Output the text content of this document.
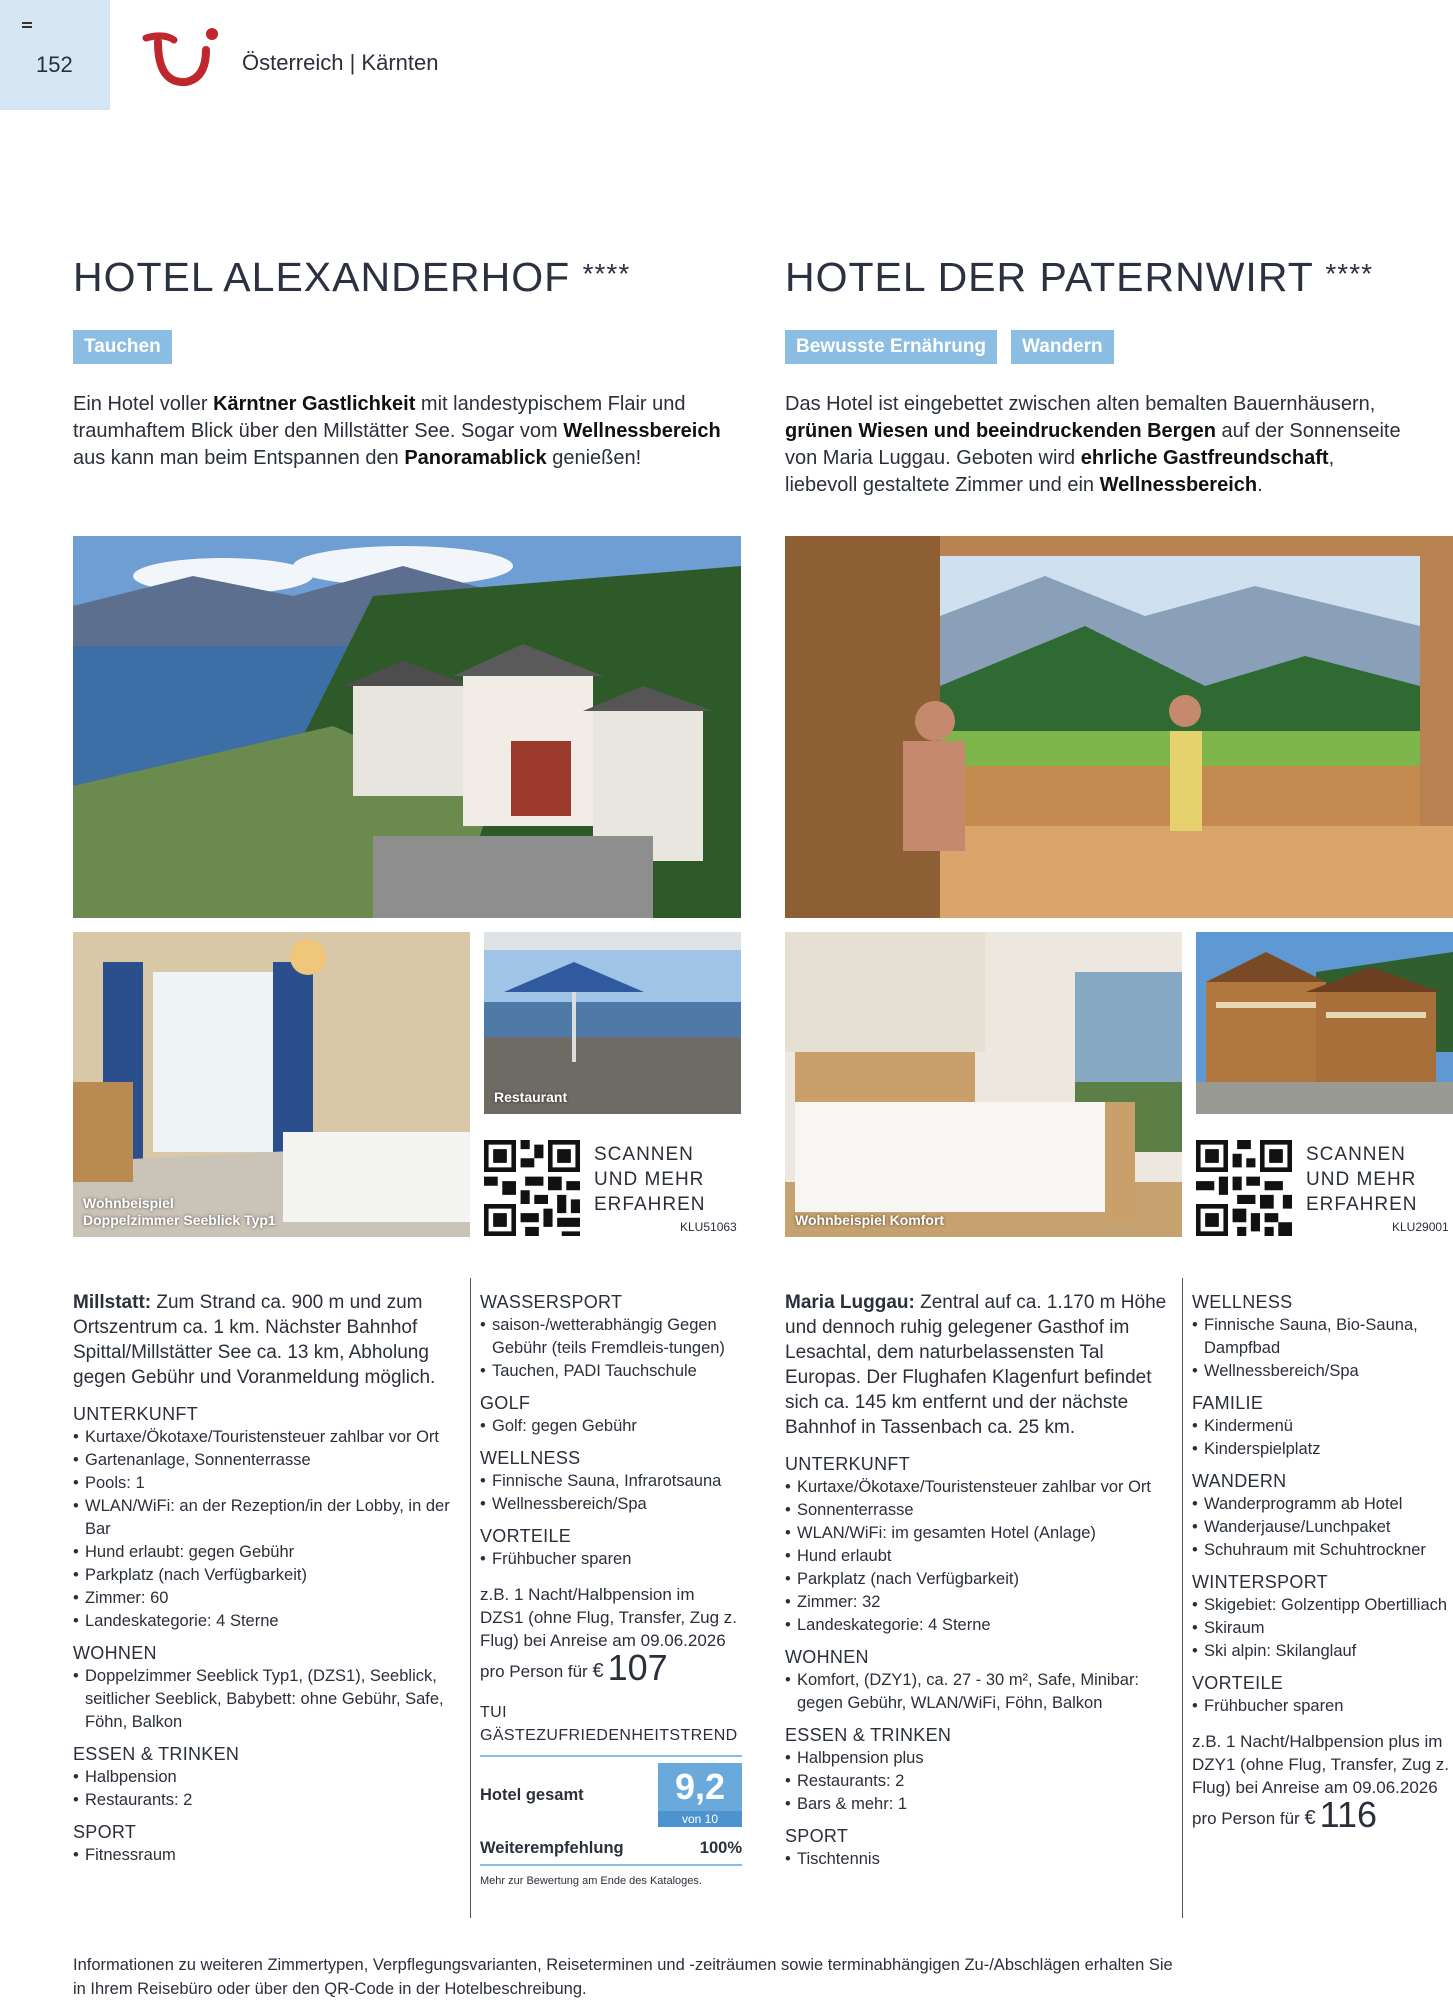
152	Österreich | Kärnten
HOTEL ALEXANDERHOF ****
Tauchen
Ein Hotel voller Kärntner Gastlichkeit mit landestypischem Flair und traumhaftem Blick über den Millstätter See. Sogar vom Wellnessbereich aus kann man beim Entspannen den Panoramablick genießen!
HOTEL DER PATERNWIRT ****
Bewusste Ernährung	Wandern
Das Hotel ist eingebettet zwischen alten bemalten Bauernhäusern, grünen Wiesen und beeindruckenden Bergen auf der Sonnenseite von Maria Luggau. Geboten wird ehrliche Gastfreundschaft, liebevoll gestaltete Zimmer und ein Wellnessbereich.
Wohnbeispiel
Doppelzimmer Seeblick Typ1
Restaurant
SCANNEN
UND MEHR
ERFAHREN
KLU51063	Wohnbeispiel Komfort
SCANNEN
UND MEHR
ERFAHREN
KLU29001
Millstatt: Zum Strand ca. 900 m und zum Ortszentrum ca. 1 km. Nächster Bahnhof Spittal/Millstätter See ca. 13 km, Abholung gegen Gebühr und Voranmeldung möglich.
UNTERKUNFT
• Kurtaxe/Ökotaxe/Touristensteuer zahlbar vor Ort
• Gartenanlage, Sonnenterrasse
• Pools: 1
• WLAN/WiFi: an der Rezeption/in der Lobby, in der Bar
• Hund erlaubt: gegen Gebühr
• Parkplatz (nach Verfügbarkeit)
• Zimmer: 60
• Landeskategorie: 4 Sterne
WOHNEN
• Doppelzimmer Seeblick Typ1, (DZS1), Seeblick, seitlicher Seeblick, Babybett: ohne Gebühr, Safe, Föhn, Balkon
ESSEN & TRINKEN
• Halbpension
• Restaurants: 2
SPORT
• Fitnessraum
WASSERSPORT
• saison-/wetterabhängig Gegen Gebühr (teils Fremdleis-tungen)
• Tauchen, PADI Tauchschule
GOLF
• Golf: gegen Gebühr
WELLNESS
• Finnische Sauna, Infrarotsauna
• Wellnessbereich/Spa
VORTEILE
• Frühbucher sparen
z.B. 1 Nacht/Halbpension im DZS1 (ohne Flug, Transfer, Zug z. Flug) bei Anreise am 09.06.2026
pro Person für € 107
TUI GÄSTEZUFRIEDENHEITSTREND
Hotel gesamt	9,2
von 10
Weiterempfehlung	100%
Mehr zur Bewertung am Ende des Kataloges.
Maria Luggau: Zentral auf ca. 1.170 m Höhe und dennoch ruhig gelegener Gasthof im Lesachtal, dem naturbelassensten Tal Europas. Der Flughafen Klagenfurt befindet sich ca. 145 km entfernt und der nächste Bahnhof in Tassenbach ca. 25 km.
UNTERKUNFT
• Kurtaxe/Ökotaxe/Touristensteuer zahlbar vor Ort
• Sonnenterrasse
• WLAN/WiFi: im gesamten Hotel (Anlage)
• Hund erlaubt
• Parkplatz (nach Verfügbarkeit)
• Zimmer: 32
• Landeskategorie: 4 Sterne
WOHNEN
• Komfort, (DZY1), ca. 27 - 30 m², Safe, Minibar: gegen Gebühr, WLAN/WiFi, Föhn, Balkon
ESSEN & TRINKEN
• Halbpension plus
• Restaurants: 2
• Bars & mehr: 1
SPORT
• Tischtennis
WELLNESS
• Finnische Sauna, Bio-Sauna, Dampfbad
• Wellnessbereich/Spa
FAMILIE
• Kindermenü
• Kinderspielplatz
WANDERN
• Wanderprogramm ab Hotel
• Wanderjause/Lunchpaket
• Schuhraum mit Schuhtrockner
WINTERSPORT
• Skigebiet: Golzentipp Obertilliach
• Skiraum
• Ski alpin: Skilanglauf
VORTEILE
• Frühbucher sparen
z.B. 1 Nacht/Halbpension plus im DZY1 (ohne Flug, Transfer, Zug z. Flug) bei Anreise am 09.06.2026
pro Person für € 116
Informationen zu weiteren Zimmertypen, Verpflegungsvarianten, Reiseterminen und -zeiträumen sowie terminabhängigen Zu-/Abschlägen erhalten Sie in Ihrem Reisebüro oder über den QR-Code in der Hotelbeschreibung.
